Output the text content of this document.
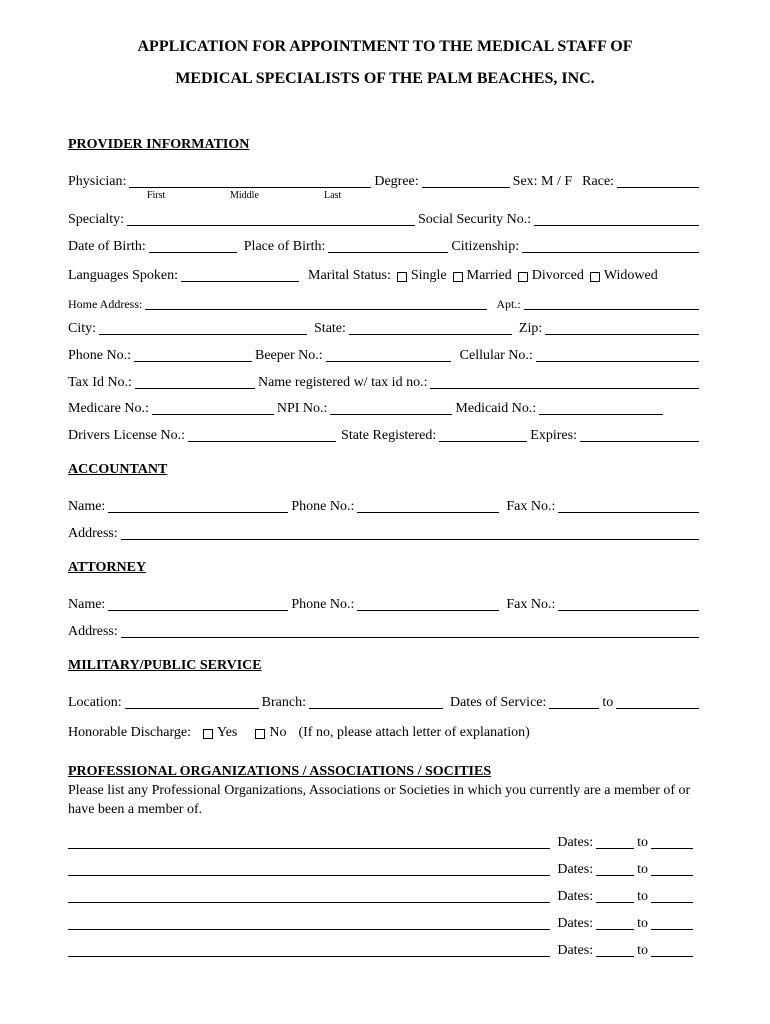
APPLICATION FOR APPOINTMENT TO THE MEDICAL STAFF OF
MEDICAL SPECIALISTS OF THE PALM BEACHES, INC.
PROVIDER INFORMATION
Physician:	Degree:	Sex: M / F Race:
First	Middle	Last
Specialty:	Social Security No.:
Date of Birth:	Place of Birth:	Citizenship:
Languages Spoken:	Marital Status: Single Married Divorced Widowed
Home Address:	Apt.:
City:	State:	Zip:
Phone No.:	Beeper No.:	Cellular No.:
Tax Id No.:	Name registered w/ tax id no.:
Medicare No.:	NPI No.:	Medicaid No.:
Drivers License No.:	State Registered:	Expires:
ACCOUNTANT
Name:	Phone No.:	Fax No.:
Address:
ATTORNEY
Name:	Phone No.:	Fax No.:
Address:
MILITARY/PUBLIC SERVICE
Location:	Branch:	Dates of Service:	to
Honorable Discharge: Yes No (If no, please attach letter of explanation)
PROFESSIONAL ORGANIZATIONS / ASSOCIATIONS / SOCITIES
Please list any Professional Organizations, Associations or Societies in which you currently are a member of or have been a member of.
Dates:	to
Dates:	to
Dates:	to
Dates:	to
Dates:	to
